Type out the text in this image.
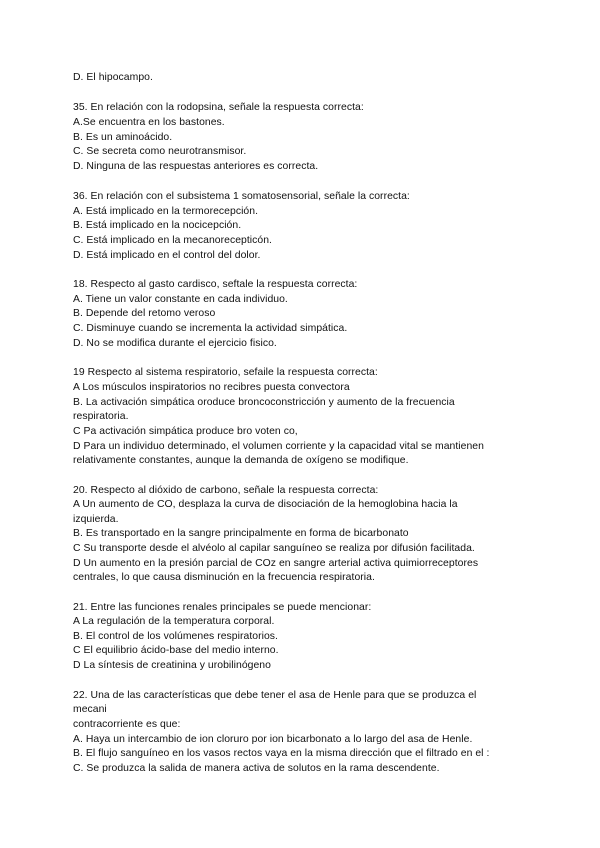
D. El hipocampo.
35. En relación con la rodopsina, señale la respuesta correcta:
A.Se encuentra en los bastones.
B. Es un aminoácido.
C. Se secreta como neurotransmisor.
D. Ninguna de las respuestas anteriores es correcta.
36. En relación con el subsistema 1 somatosensorial, señale la correcta:
A. Está implicado en la termorecepción.
B. Está implicado en la nocicepción.
C. Está implicado en la mecanorecepticón.
D. Está implicado en el control del dolor.
18. Respecto al gasto cardisco, seftale la respuesta correcta:
A. Tiene un valor constante en cada individuo.
B. Depende del retomo veroso
C. Disminuye cuando se incrementa la actividad simpática.
D. No se modifica durante el ejercicio fisico.
19 Respecto al sistema respiratorio, sefaile la respuesta correcta:
A Los músculos inspiratorios no recibres puesta convectora
B. La activación simpática oroduce broncoconstricción y aumento de la frecuencia
respiratoria.
C Pa activación simpática produce bro voten co,
D Para un individuo determinado, el volumen corriente y la capacidad vital se mantienen
relativamente constantes, aunque la demanda de oxígeno se modifique.
20. Respecto al dióxido de carbono, señale la respuesta correcta:
A Un aumento de CO, desplaza la curva de disociación de la hemoglobina hacia la
izquierda.
B. Es transportado en la sangre principalmente en forma de bicarbonato
C Su transporte desde el alvéolo al capilar sanguíneo se realiza por difusión facilitada.
D Un aumento en la presión parcial de COz en sangre arterial activa quimiorreceptores
centrales, lo que causa disminución en la frecuencia respiratoria.
21. Entre las funciones renales principales se puede mencionar:
A La regulación de la temperatura corporal.
B. El control de los volúmenes respiratorios.
C El equilibrio ácido-base del medio interno.
D La síntesis de creatinina y urobilinógeno
22. Una de las características que debe tener el asa de Henle para que se produzca el
mecani
contracorriente es que:
A. Haya un intercambio de ion cloruro por ion bicarbonato a lo largo del asa de Henle.
B. El flujo sanguíneo en los vasos rectos vaya en la misma dirección que el filtrado en el :
C. Se produzca la salida de manera activa de solutos en la rama descendente.
